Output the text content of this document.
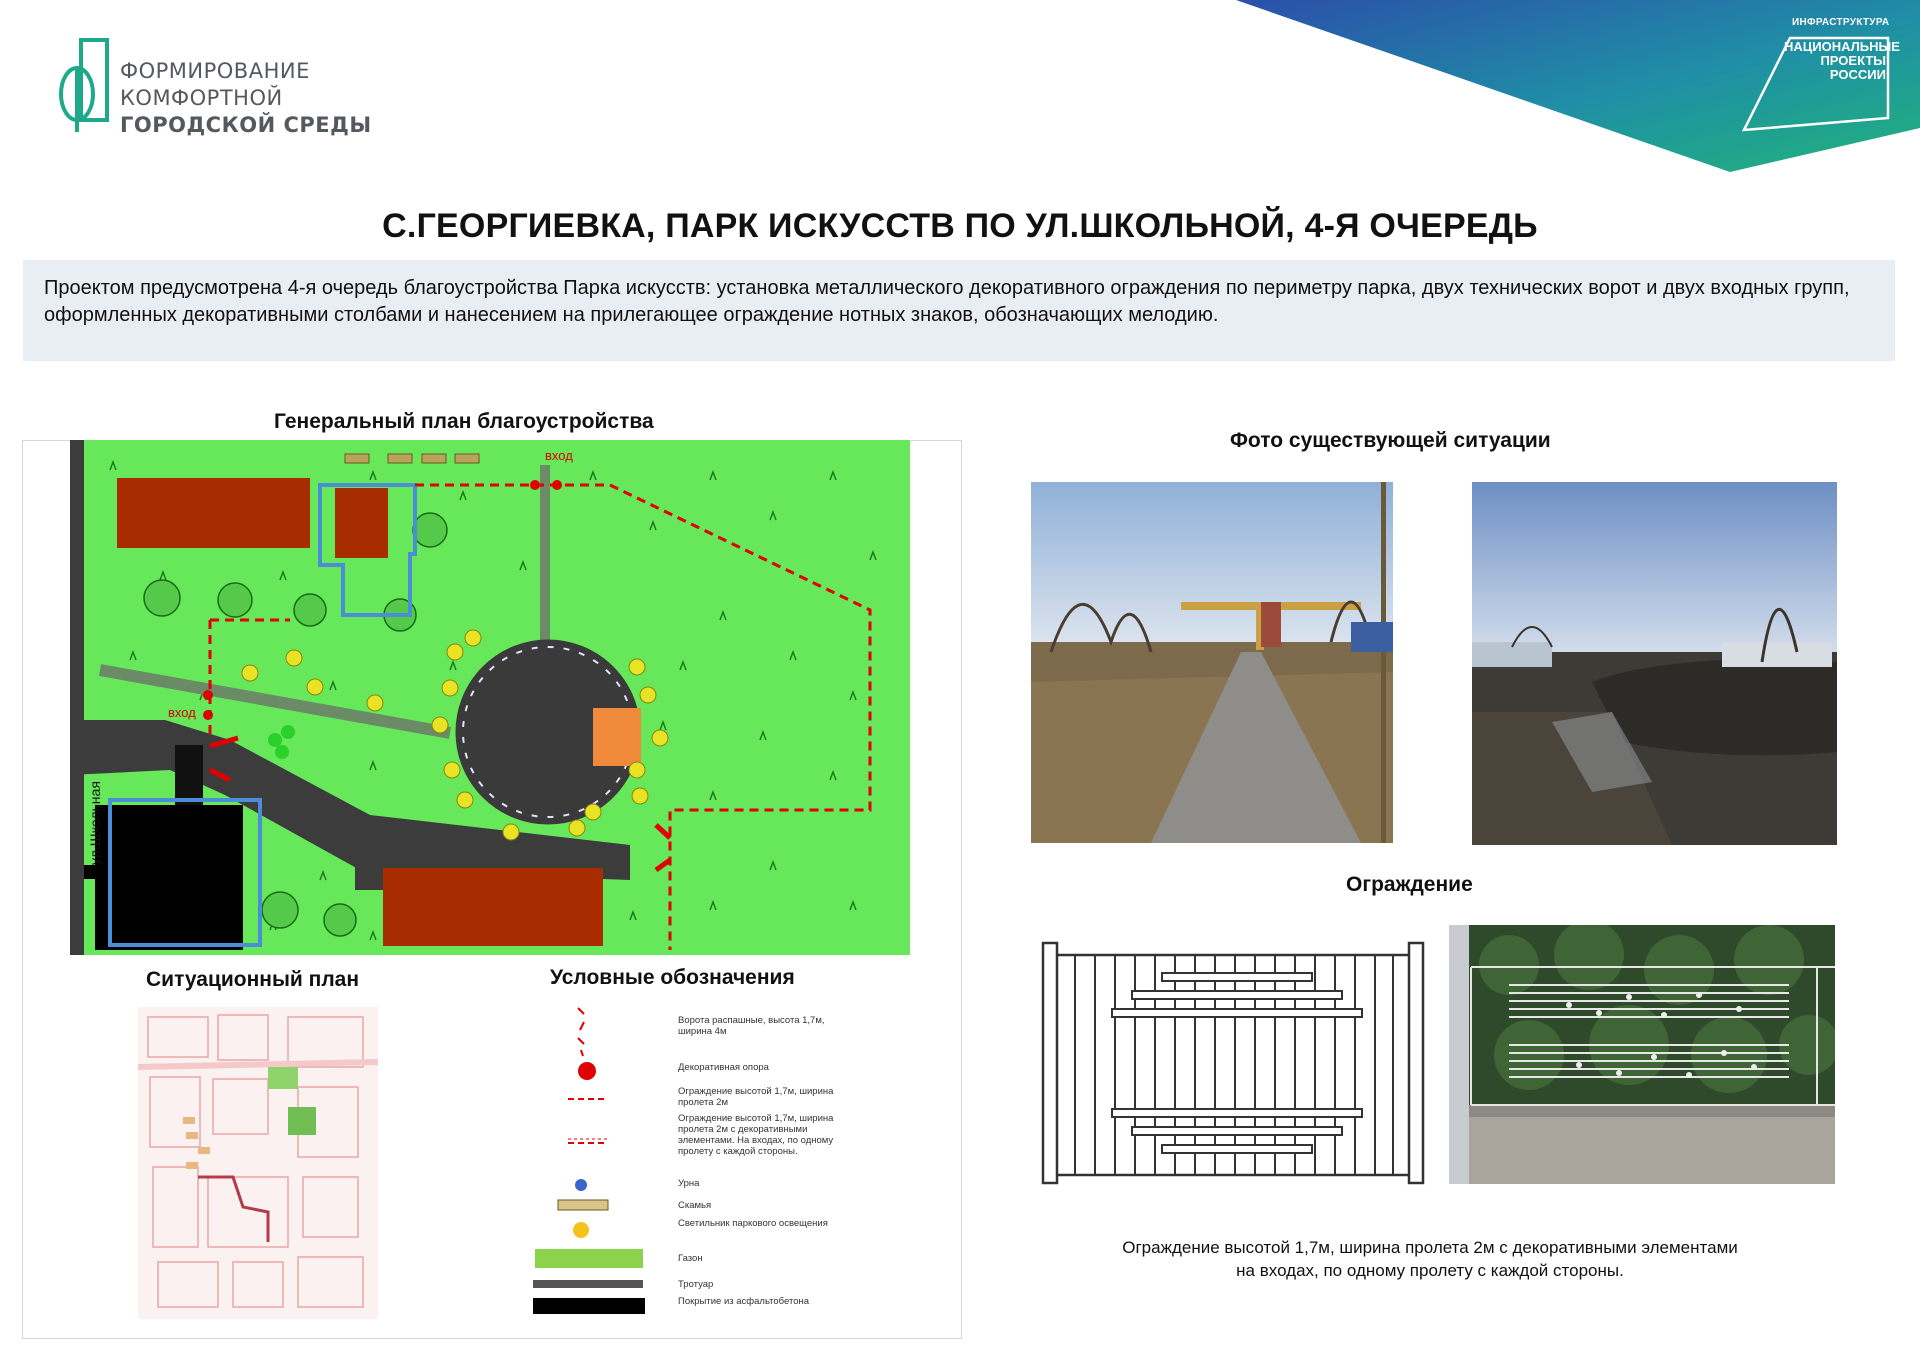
ФОРМИРОВАНИЕ
КОМФОРТНОЙ
ГОРОДСКОЙ СРЕДЫ
ИНФРАСТРУКТУРА
НАЦИОНАЛЬНЫЕ
ПРОЕКТЫ
РОССИИ
С.ГЕОРГИЕВКА, ПАРК ИСКУССТВ ПО УЛ.ШКОЛЬНОЙ, 4-Я ОЧЕРЕДЬ
Проектом предусмотрена 4-я очередь благоустройства Парка искусств: установка металлического декоративного ограждения по периметру парка, двух технических ворот и двух входных групп, оформленных декоративными столбами и нанесением на прилегающее ограждение нотных знаков, обозначающих мелодию.
Генеральный план благоустройства
вход
вход
ул.Школьная
Ситуационный план	Условные обозначения
Ворота распашные, высота 1,7м, ширина 4м
Декоративная опора
Ограждение высотой 1,7м, ширина пролета 2м
Ограждение высотой 1,7м, ширина пролета 2м с декоративными элементами. На входах, по одному пролету с каждой стороны.
Урна
Скамья
Светильник паркового освещения
Газон
Тротуар
Покрытие из асфальтобетона
Фото существующей ситуации
Ограждение
Ограждение высотой 1,7м, ширина пролета 2м с декоративными элементами
на входах, по одному пролету с каждой стороны.
